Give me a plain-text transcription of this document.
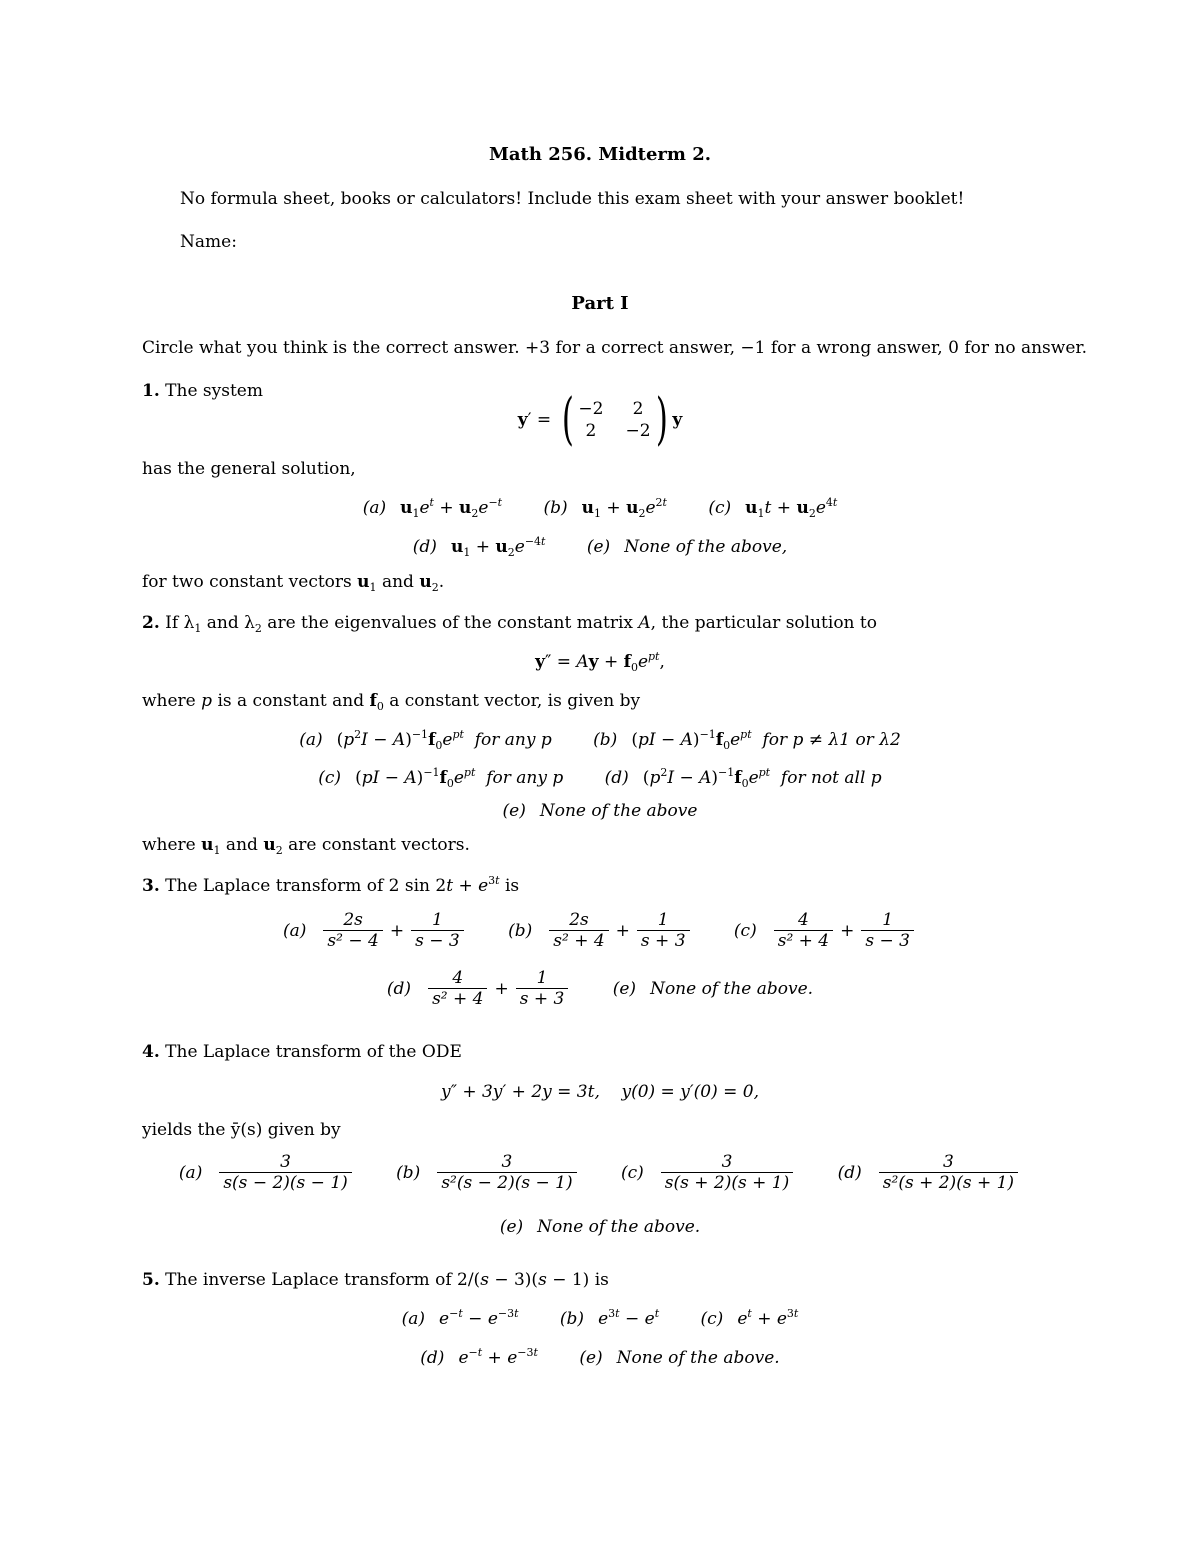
Math 256. Midterm 2.
No formula sheet, books or calculators! Include this exam sheet with your answer booklet!
Name:
Part I
Circle what you think is the correct answer. +3 for a correct answer, −1 for a wrong answer, 0 for no answer.
1. The system
y ′ = ( −2	2
2	−2 ) y
has the general solution,
(a) $u_1e^t + u_2e^{-t}$ (b) $u_1 + u_2e^{2t}$ (c) $u_1t + u_2e^{4t}$
(d) $u_1 + u_2e^{-4t}$ (e) None of the above,
for two constant vectors $u_1$ and $u_2$.
2. If $\lambda_1$ and $\lambda_2$ are the eigenvalues of the constant matrix A, the particular solution to
$y'' = Ay + f_0e^{pt}$,
where p is a constant and $f_0$ a constant vector, is given by
(a) $(p^2I - A)^{-1}f_0e^{pt}$ for any p (b) $(pI - A)^{-1}f_0e^{pt}$ for p ≠ λ1 or λ2
(c) $(pI - A)^{-1}f_0e^{pt}$ for any p (d) $(p^2I - A)^{-1}f_0e^{pt}$ for not all p
(e) None of the above
where $u_1$ and $u_2$ are constant vectors.
3. The Laplace transform of 2 $\sin 2t + e^{3t}$ is
$(a) \frac{2s}{\text{s² − 4}} + \frac{1}{s - 3}$
	$(b) \frac{2s}{\text{s² + 4}} + \frac{1}{s + 3}$
	$(c) \frac{4}{\text{s² + 4}} + \frac{1}{s - 3}$
$(d) \frac{4}{\text{s² + 4}} + \frac{1}{s + 3}$	(e) None of the above.
4. The Laplace transform of the ODE
y″ + 3y′ + 2y = 3t,    y(0) = y′(0) = 0,
yields the ȳ(s) given by
$(a) \frac{3}{s(s - 2)(s - 1)}$
	$(b) \frac{3}{\text{s²(s − 2)(s − 1)}}$
	$(c) \frac{3}{s(s + 2)(s + 1)}$
	$(d) \frac{3}{\text{s²(s + 2)(s + 1)}}$
(e) None of the above.
5. The inverse Laplace transform of 2/(s − 3)(s − 1) is
(a) $e^{-t} - e^{-3t}$ (b) $e^{3t} - e^t$ (c) $e^t + e^{3t}$
(d) $e^{-t} + e^{-3t}$ (e) None of the above.
